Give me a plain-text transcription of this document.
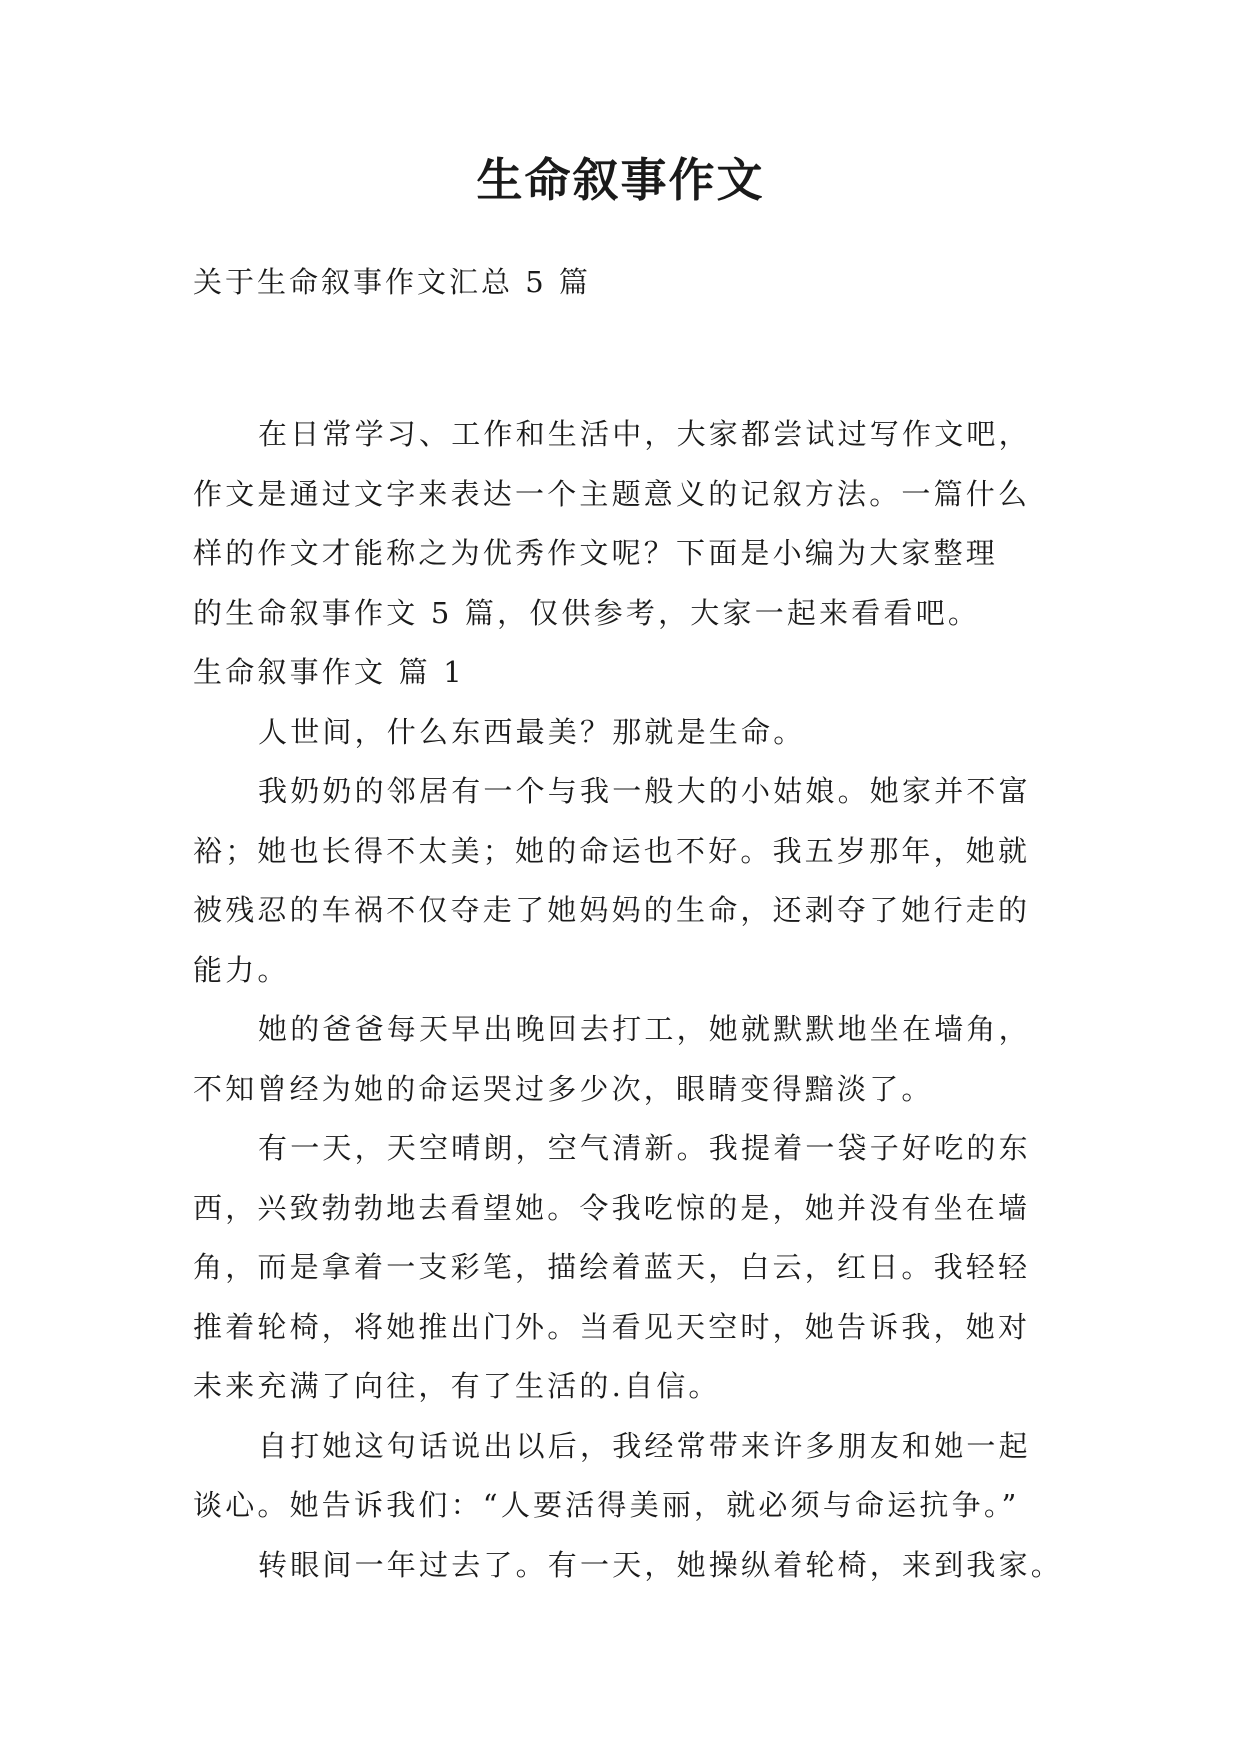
生命叙事作文
关于生命叙事作文汇总 5 篇
在日常学习、工作和生活中，大家都尝试过写作文吧，
作文是通过文字来表达一个主题意义的记叙方法。一篇什么
样的作文才能称之为优秀作文呢？下面是小编为大家整理
的生命叙事作文 5 篇，仅供参考，大家一起来看看吧。
生命叙事作文 篇 1
人世间，什么东西最美？那就是生命。
我奶奶的邻居有一个与我一般大的小姑娘。她家并不富
裕；她也长得不太美；她的命运也不好。我五岁那年，她就
被残忍的车祸不仅夺走了她妈妈的生命，还剥夺了她行走的
能力。
她的爸爸每天早出晚回去打工，她就默默地坐在墙角，
不知曾经为她的命运哭过多少次，眼睛变得黯淡了。
有一天，天空晴朗，空气清新。我提着一袋子好吃的东
西，兴致勃勃地去看望她。令我吃惊的是，她并没有坐在墙
角，而是拿着一支彩笔，描绘着蓝天，白云，红日。我轻轻
推着轮椅，将她推出门外。当看见天空时，她告诉我，她对
未来充满了向往，有了生活的.自信。
自打她这句话说出以后，我经常带来许多朋友和她一起
谈心。她告诉我们：“人要活得美丽，就必须与命运抗争。”
转眼间一年过去了。有一天，她操纵着轮椅，来到我家。
